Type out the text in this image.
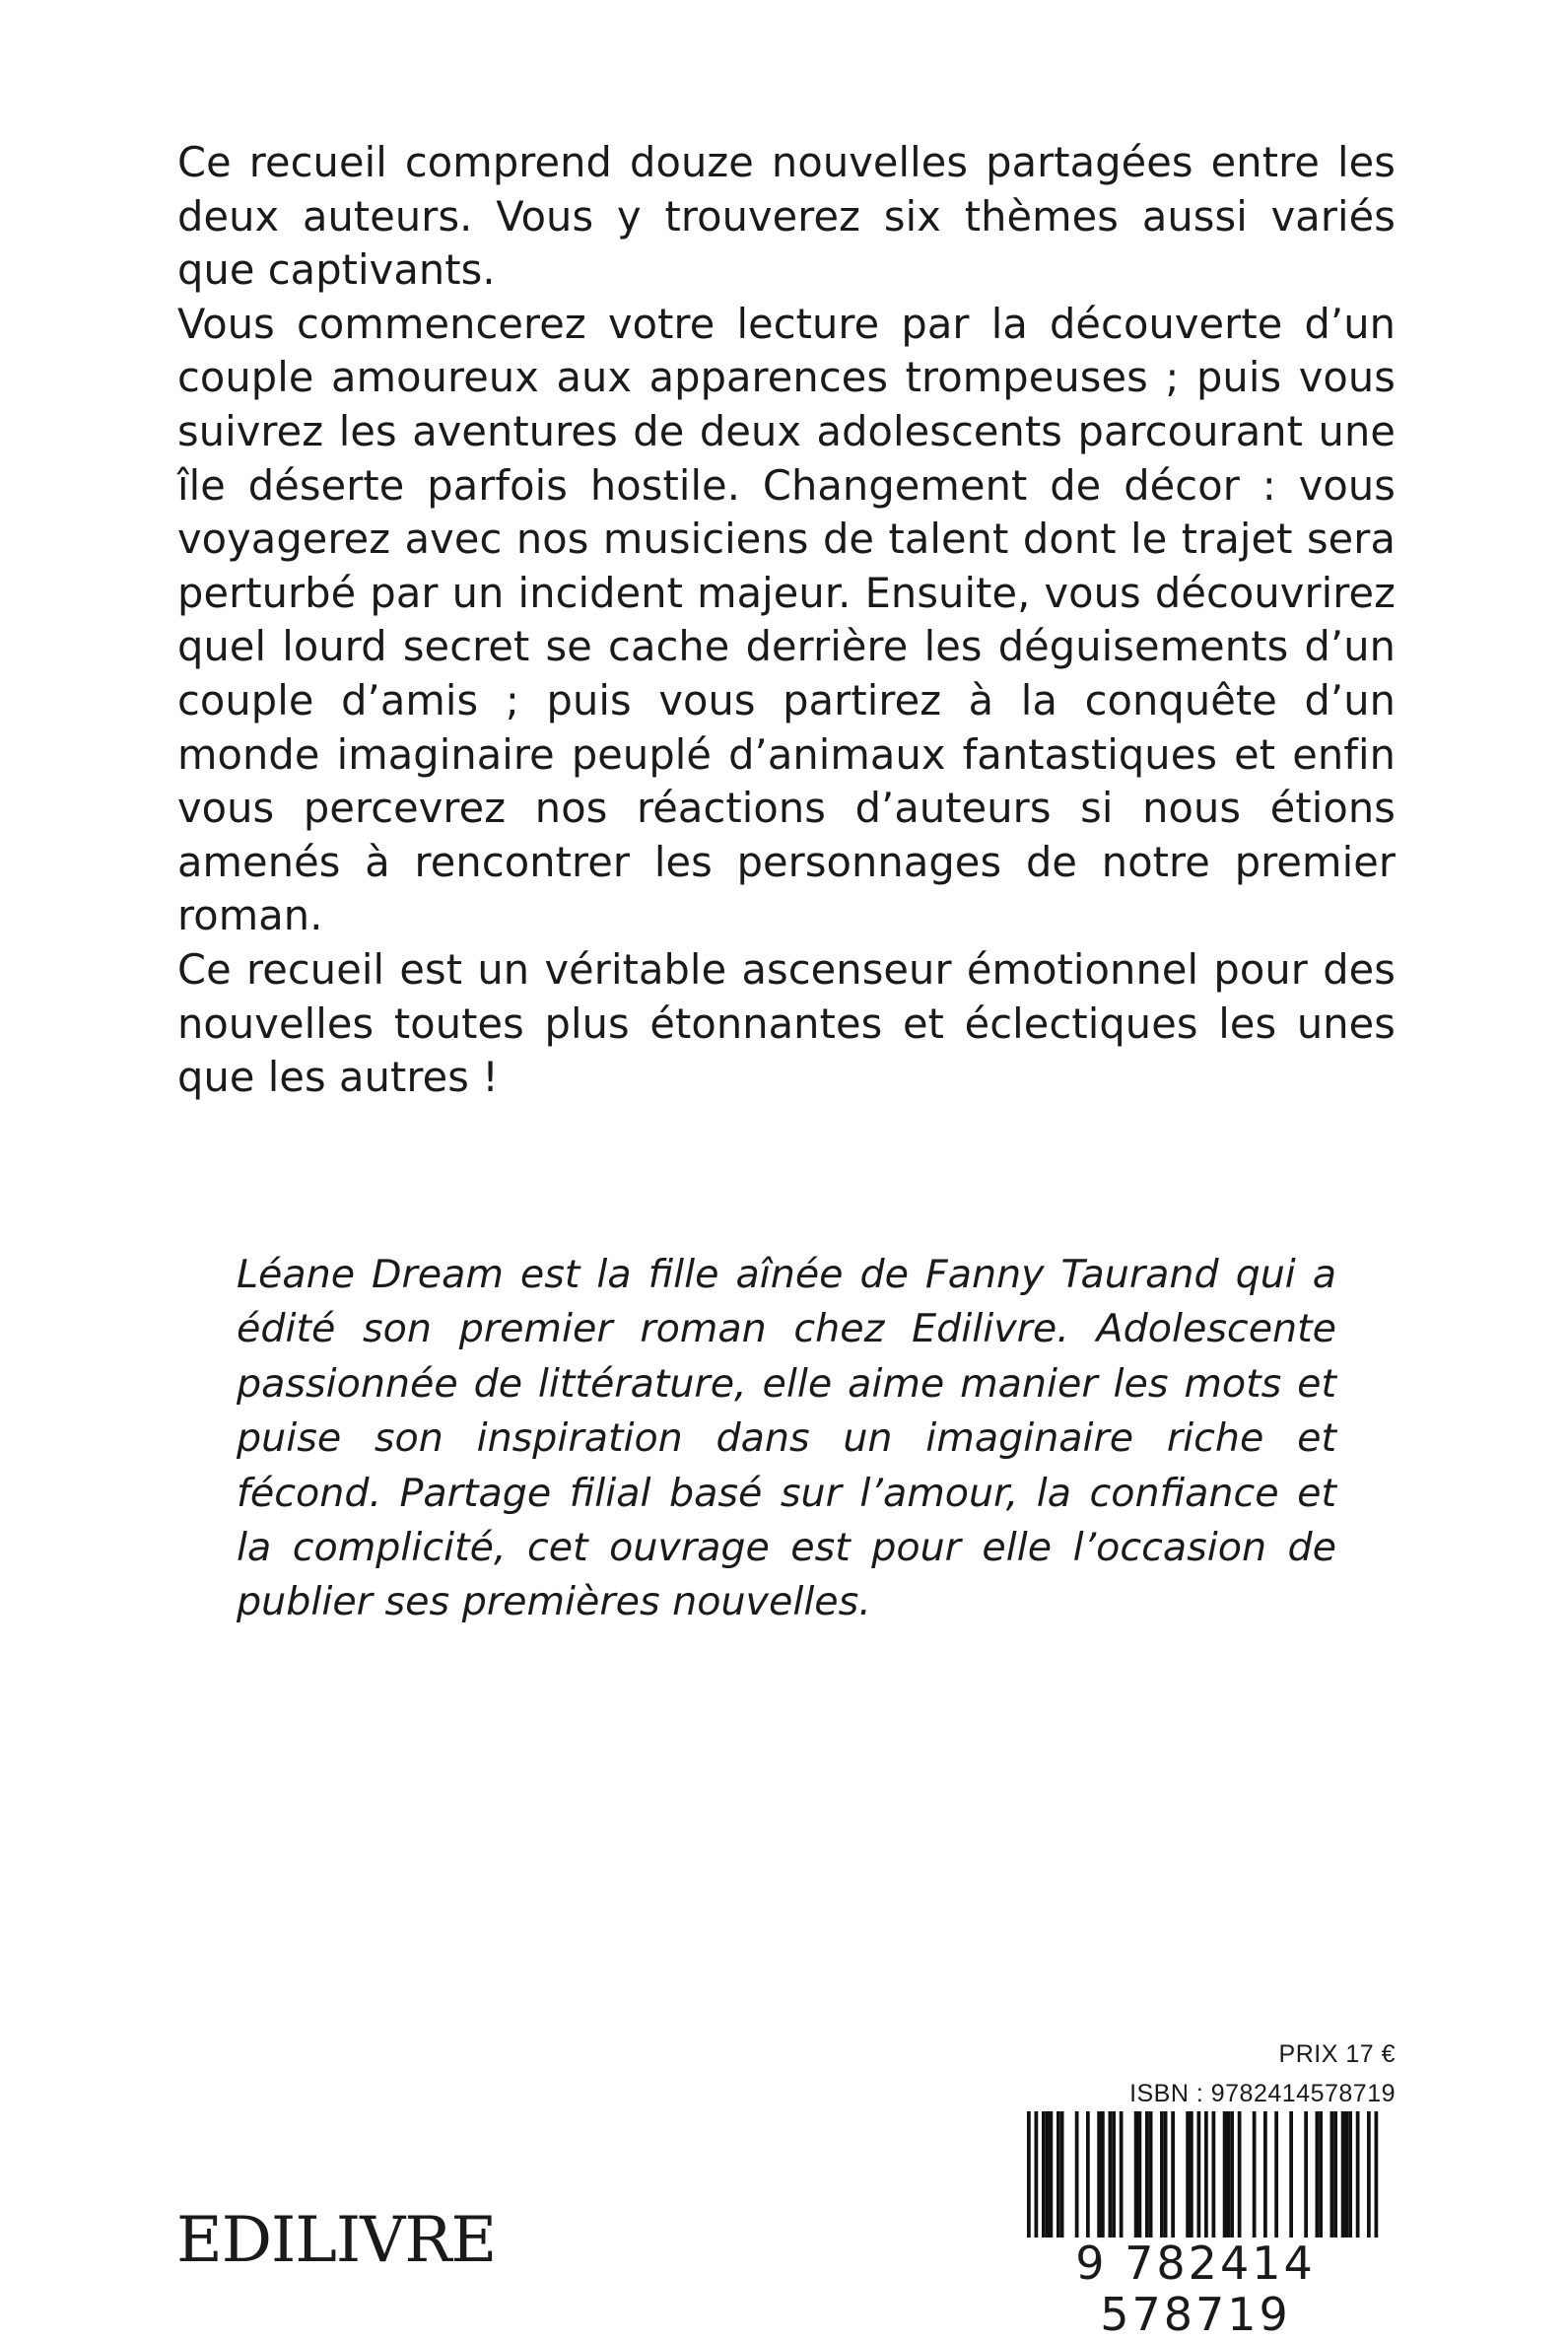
Ce recueil comprend douze nouvelles partagées entre les deux auteurs. Vous y trouverez six thèmes aussi variés que captivants.

Vous commencerez votre lecture par la découverte d’un couple amoureux aux apparences trompeuses ; puis vous suivrez les aventures de deux adolescents parcourant une île déserte parfois hostile. Changement de décor : vous voyagerez avec nos musiciens de talent dont le trajet sera perturbé par un incident majeur. Ensuite, vous découvrirez quel lourd secret se cache derrière les déguisements d’un couple d’amis ; puis vous partirez à la conquête d’un monde imaginaire peuplé d’animaux fantastiques et enfin vous percevrez nos réactions d’auteurs si nous étions amenés à rencontrer les personnages de notre premier roman.

Ce recueil est un véritable ascenseur émotionnel pour des nouvelles toutes plus étonnantes et éclectiques les unes que les autres !

Léane Dream est la fille aînée de Fanny Taurand qui a édité son premier roman chez Edilivre. Adolescente passionnée de littérature, elle aime manier les mots et puise son inspiration dans un imaginaire riche et fécond. Partage filial basé sur l’amour, la confiance et la complicité, cet ouvrage est pour elle l’occasion de publier ses premières nouvelles.

PRIX 17 €
ISBN : 9782414578719
9 782414 578719
EDILIVRE
